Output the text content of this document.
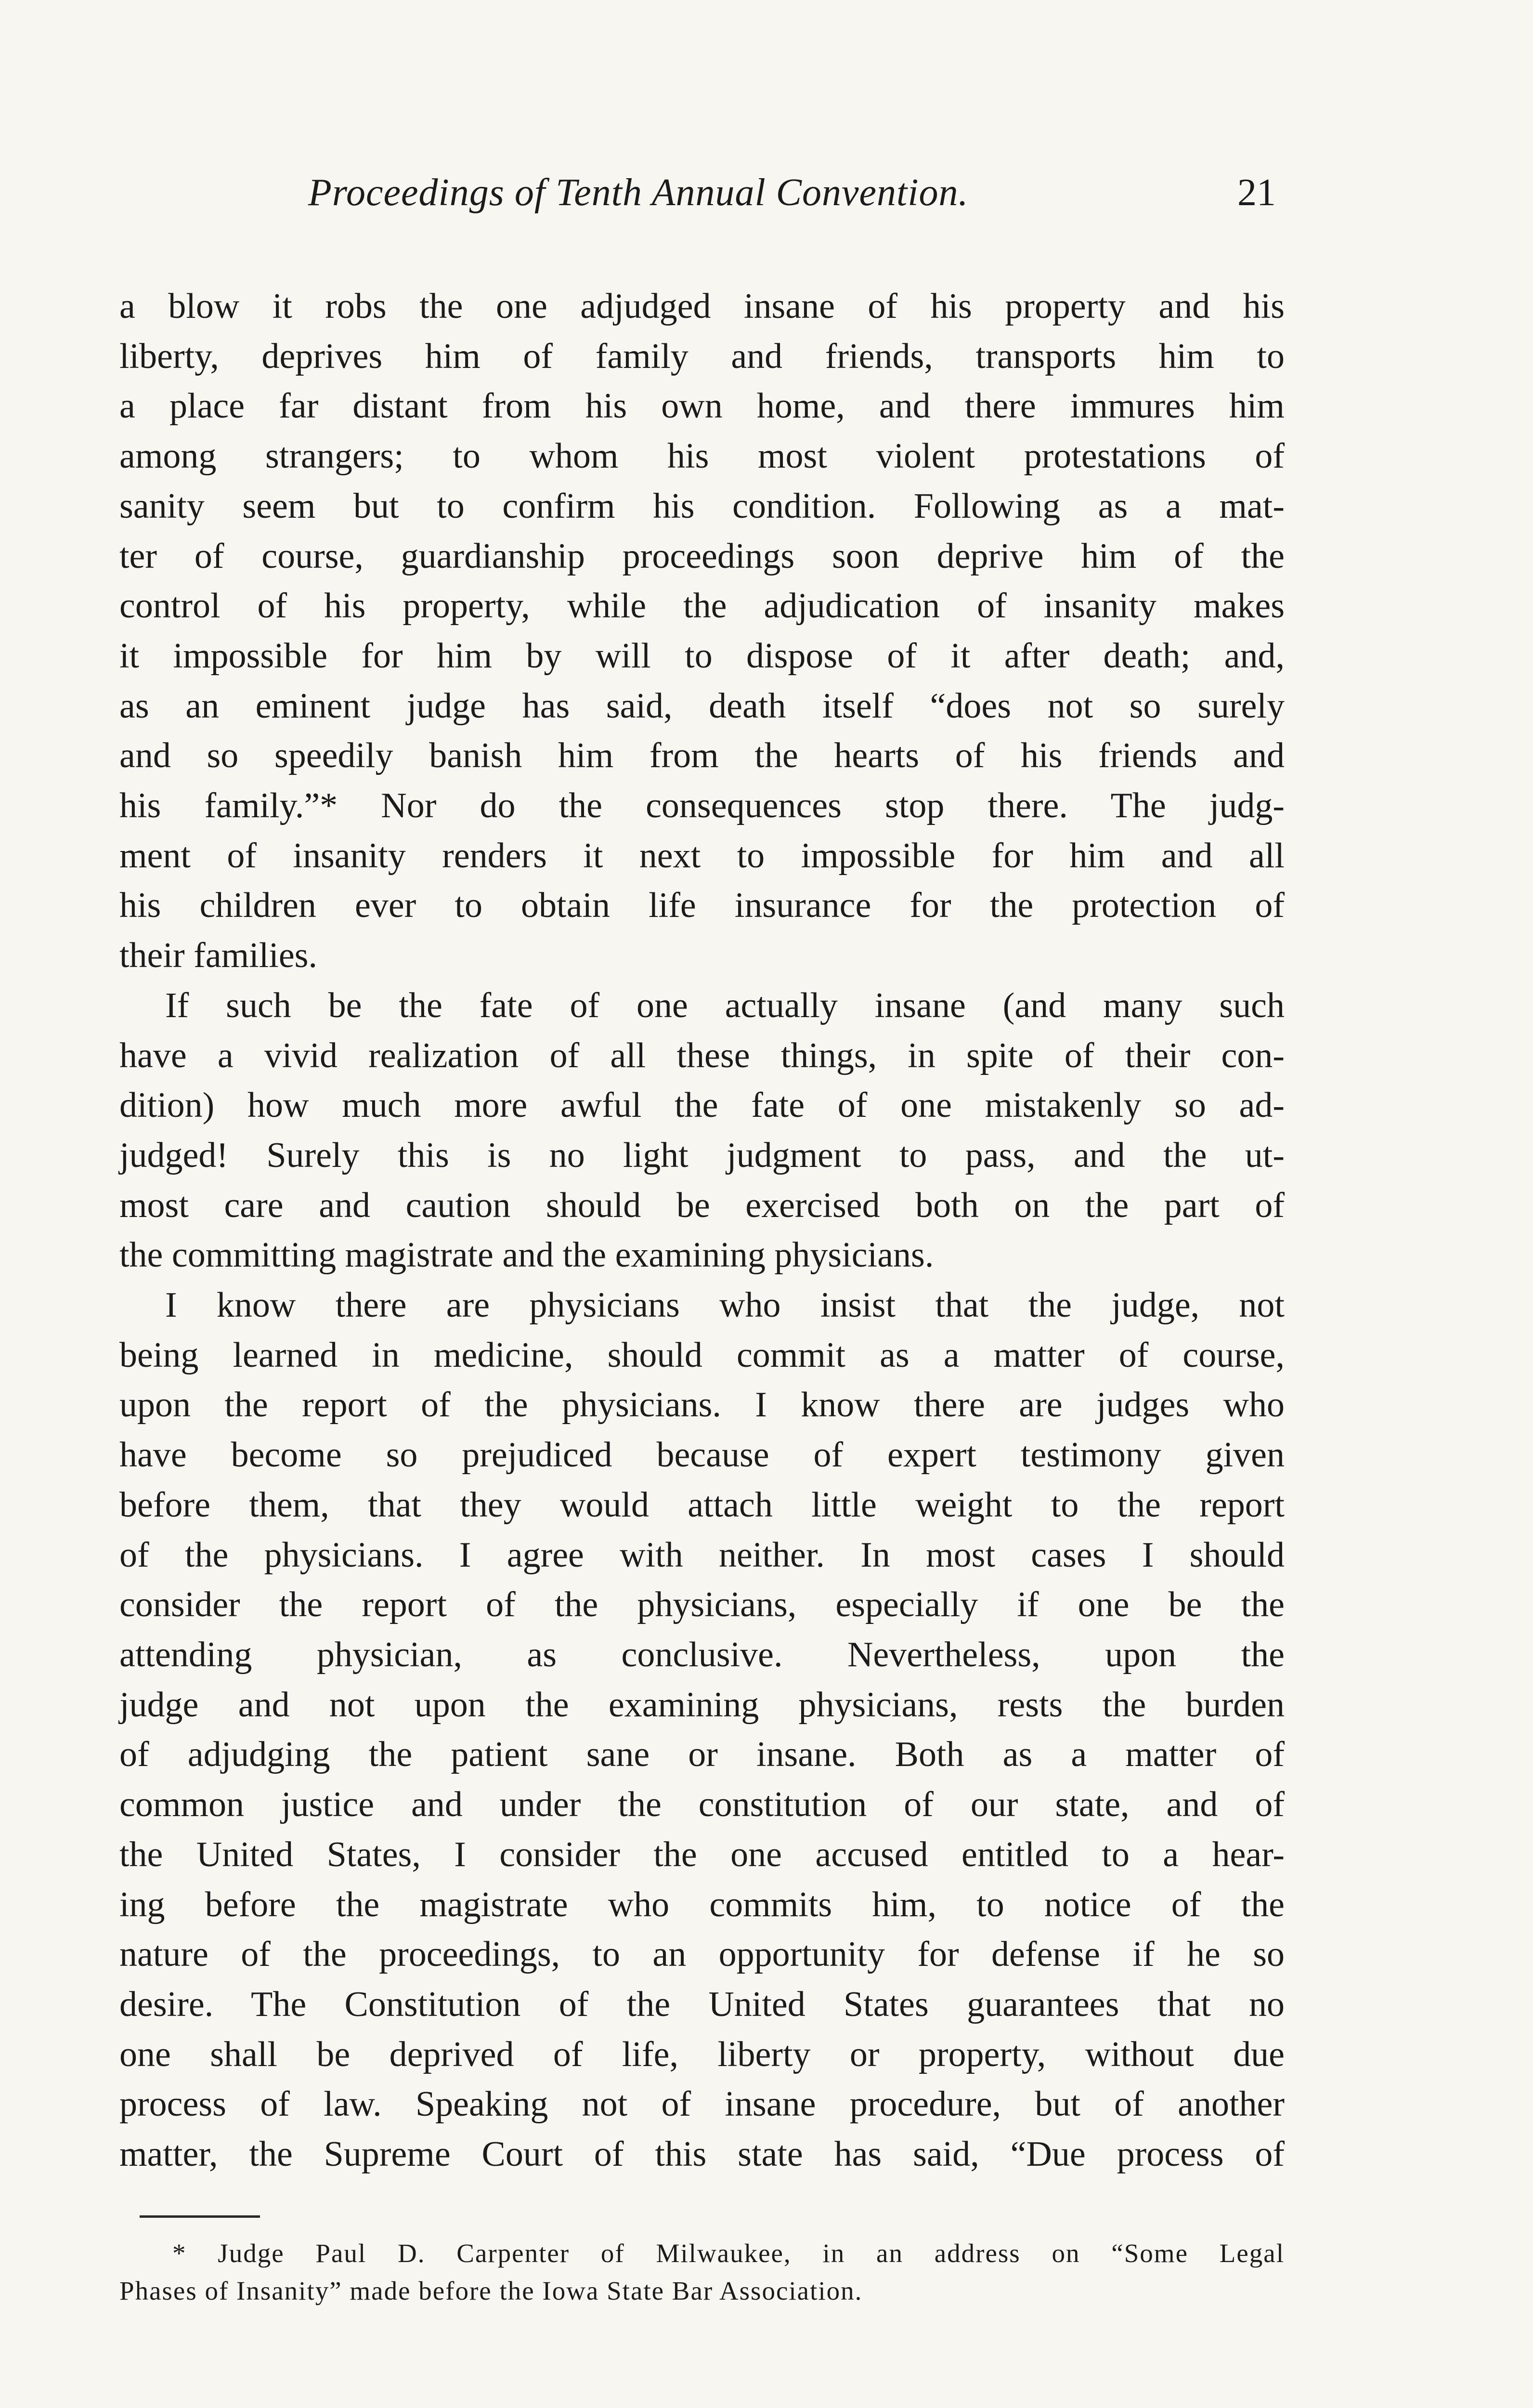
Proceedings of Tenth Annual Convention.	21

a blow it robs the one adjudged insane of his property and his
liberty, deprives him of family and friends, transports him to
a place far distant from his own home, and there immures him
among strangers; to whom his most violent protestations of
sanity seem but to confirm his condition. Following as a mat-
ter of course, guardianship proceedings soon deprive him of the
control of his property, while the adjudication of insanity makes
it impossible for him by will to dispose of it after death; and,
as an eminent judge has said, death itself “does not so surely
and so speedily banish him from the hearts of his friends and
his family.”* Nor do the consequences stop there. The judg-
ment of insanity renders it next to impossible for him and all
his children ever to obtain life insurance for the protection of
their families.

If such be the fate of one actually insane (and many such
have a vivid realization of all these things, in spite of their con-
dition) how much more awful the fate of one mistakenly so ad-
judged! Surely this is no light judgment to pass, and the ut-
most care and caution should be exercised both on the part of
the committing magistrate and the examining physicians.

I know there are physicians who insist that the judge, not
being learned in medicine, should commit as a matter of course,
upon the report of the physicians. I know there are judges who
have become so prejudiced because of expert testimony given
before them, that they would attach little weight to the report
of the physicians. I agree with neither. In most cases I should
consider the report of the physicians, especially if one be the
attending physician, as conclusive. Nevertheless, upon the
judge and not upon the examining physicians, rests the burden
of adjudging the patient sane or insane. Both as a matter of
common justice and under the constitution of our state, and of
the United States, I consider the one accused entitled to a hear-
ing before the magistrate who commits him, to notice of the
nature of the proceedings, to an opportunity for defense if he so
desire. The Constitution of the United States guarantees that no
one shall be deprived of life, liberty or property, without due
process of law. Speaking not of insane procedure, but of another
matter, the Supreme Court of this state has said, “Due process of

* Judge Paul D. Carpenter of Milwaukee, in an address on “Some Legal
Phases of Insanity” made before the Iowa State Bar Association.
